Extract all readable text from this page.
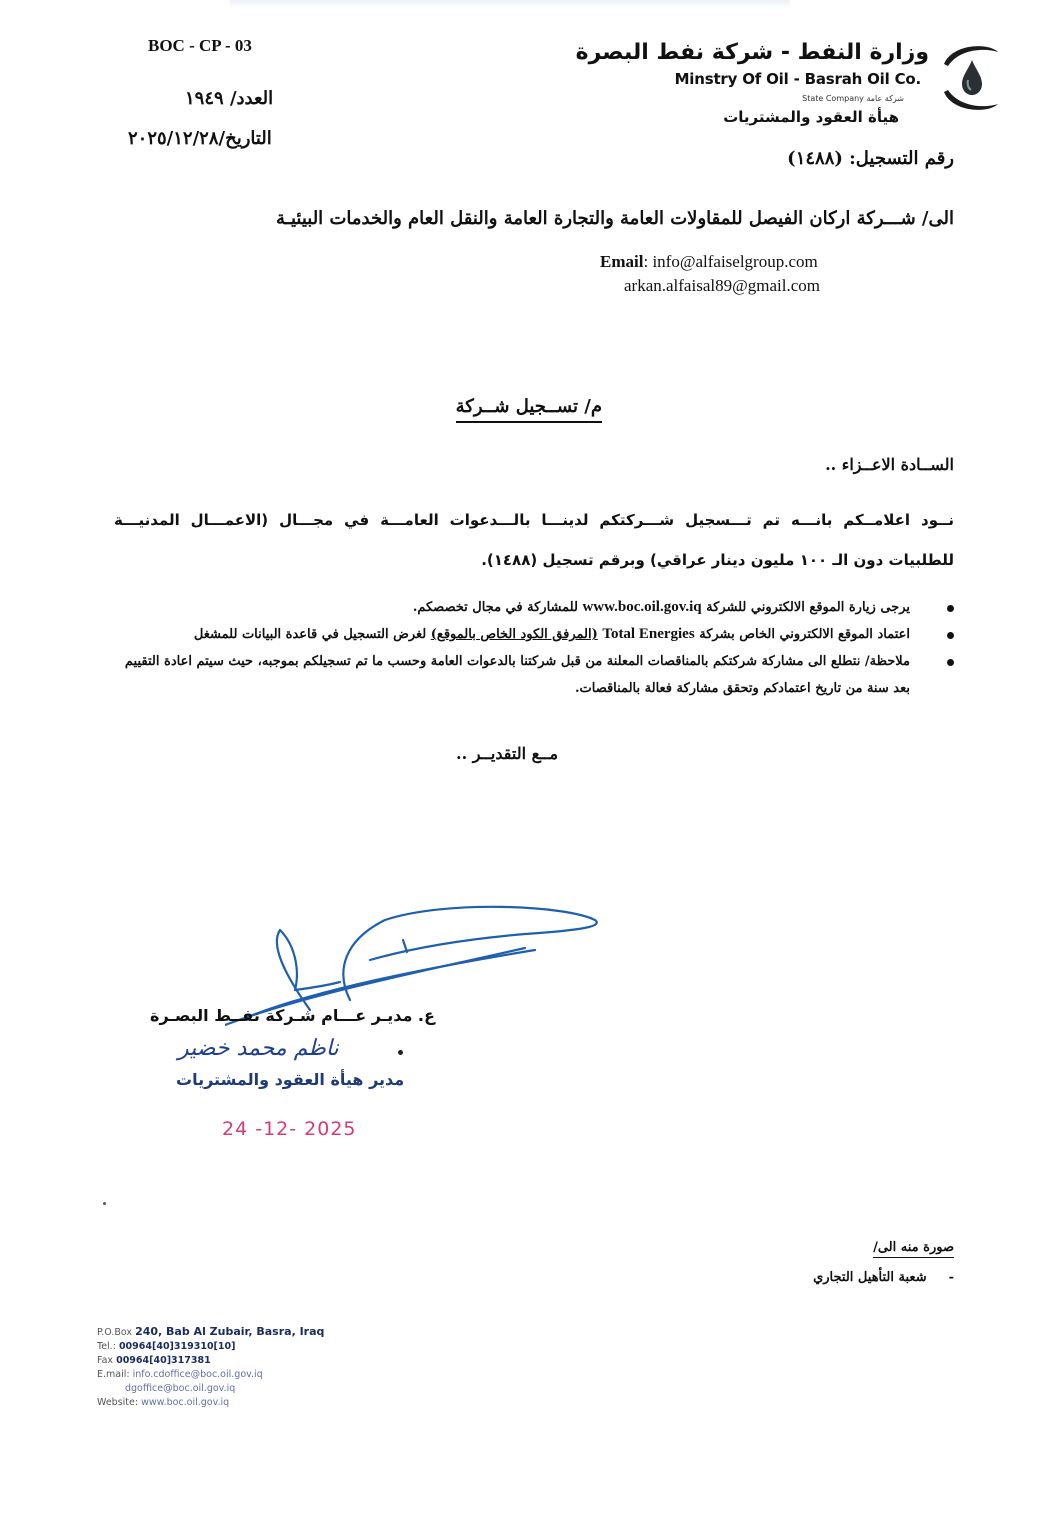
BOC - CP - 03
العدد/ ١٩٤٩
التاريخ/٢٠٢٥/١٢/٢٨
وزارة النفط - شركة نفط البصرة
Minstry Of Oil - Basrah Oil Co.
State Company شركة عامة
هيأة العقود والمشتريات
رقم التسجيل: (١٤٨٨)
الى/ شـــركة اركان الفيصل للمقاولات العامة والتجارة العامة والنقل العام والخدمات البيئيـة
Email: info@alfaiselgroup.com
arkan.alfaisal89@gmail.com
م/ تســجيل شــركة
الســادة الاعــزاء ..
نــود اعلامــكم بانـــه تم تـــسجيل شـــركتكم لدينـــا بالـــدعوات العامـــة في مجـــال (الاعمـــال المدنيـــة للطلبيات دون الـ ١٠٠ مليون دينار عراقي) وبرقم تسجيل (١٤٨٨).
يرجى زيارة الموقع الالكتروني للشركة www.boc.oil.gov.iq للمشاركة في مجال تخصصكم.
اعتماد الموقع الالكتروني الخاص بشركة Total Energies (المرفق الكود الخاص بالموقع) لغرض التسجيل في قاعدة البيانات للمشغل
ملاحظة/ نتطلع الى مشاركة شركتكم بالمناقصات المعلنة من قبل شركتنا بالدعوات العامة وحسب ما تم تسجيلكم بموجبه، حيث سيتم اعادة التقييم بعد سنة من تاريخ اعتمادكم وتحقق مشاركة فعالة بالمناقصات.
مــع التقديــر ..
ع. مديـر عـــام شـركة نفــط البصـرة
ناظم محمد خضير
مدير هيأة العقود والمشتريات
24 -12- 2025
صورة منه الى/
-شعبة التأهيل التجاري
P.O.Box 240, Bab Al Zubair, Basra, Iraq
Tel.: 00964[40]319310[10]
Fax 00964[40]317381
E.mail: info.cdoffice@boc.oil.gov.iq
dgoffice@boc.oil.gov.iq
Website: www.boc.oil.gov.iq
